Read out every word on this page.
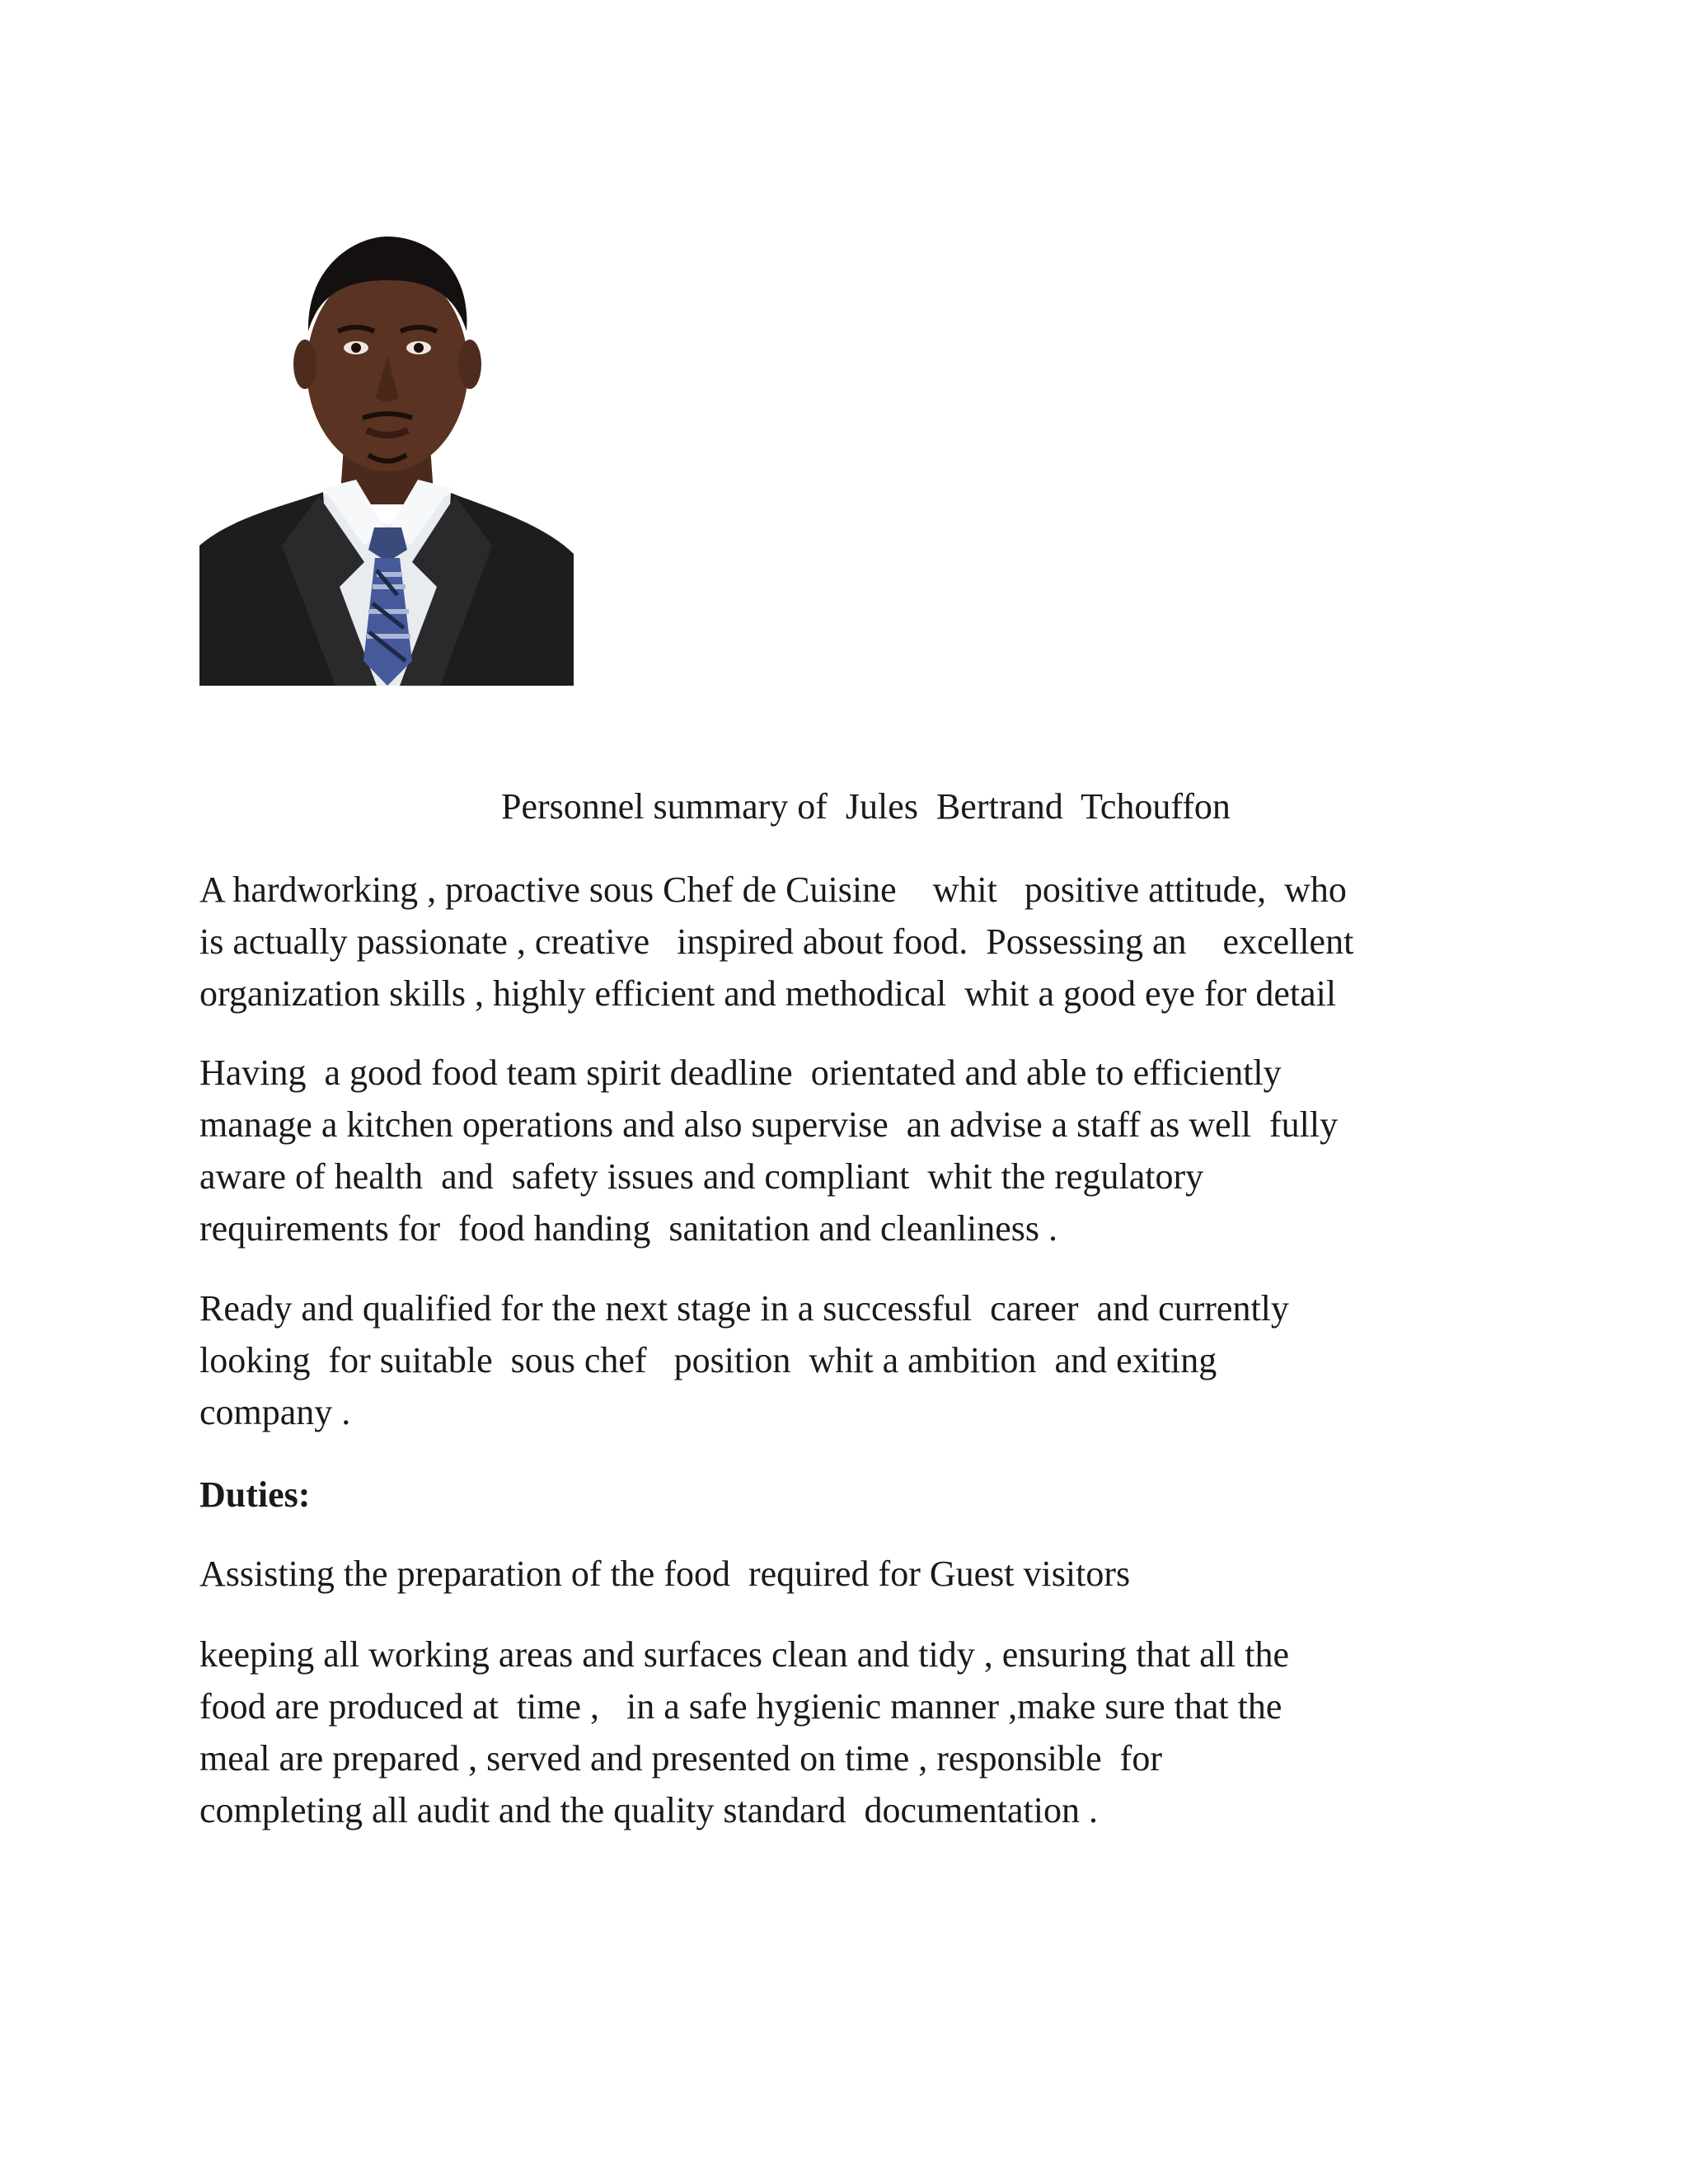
Personnel summary of  Jules  Bertrand  Tchouffon

A hardworking , proactive sous Chef de Cuisine    whit   positive attitude,  who
is actually passionate , creative   inspired about food.  Possessing an    excellent
organization skills , highly efficient and methodical  whit a good eye for detail

Having  a good food team spirit deadline  orientated and able to efficiently
manage a kitchen operations and also supervise  an advise a staff as well  fully
aware of health  and  safety issues and compliant  whit the regulatory
requirements for  food handing  sanitation and cleanliness .

Ready and qualified for the next stage in a successful  career  and currently
looking  for suitable  sous chef   position  whit a ambition  and exiting
company .

Duties:

Assisting the preparation of the food  required for Guest visitors

keeping all working areas and surfaces clean and tidy , ensuring that all the
food are produced at  time ,   in a safe hygienic manner ,make sure that the
meal are prepared , served and presented on time , responsible  for
completing all audit and the quality standard  documentation .
